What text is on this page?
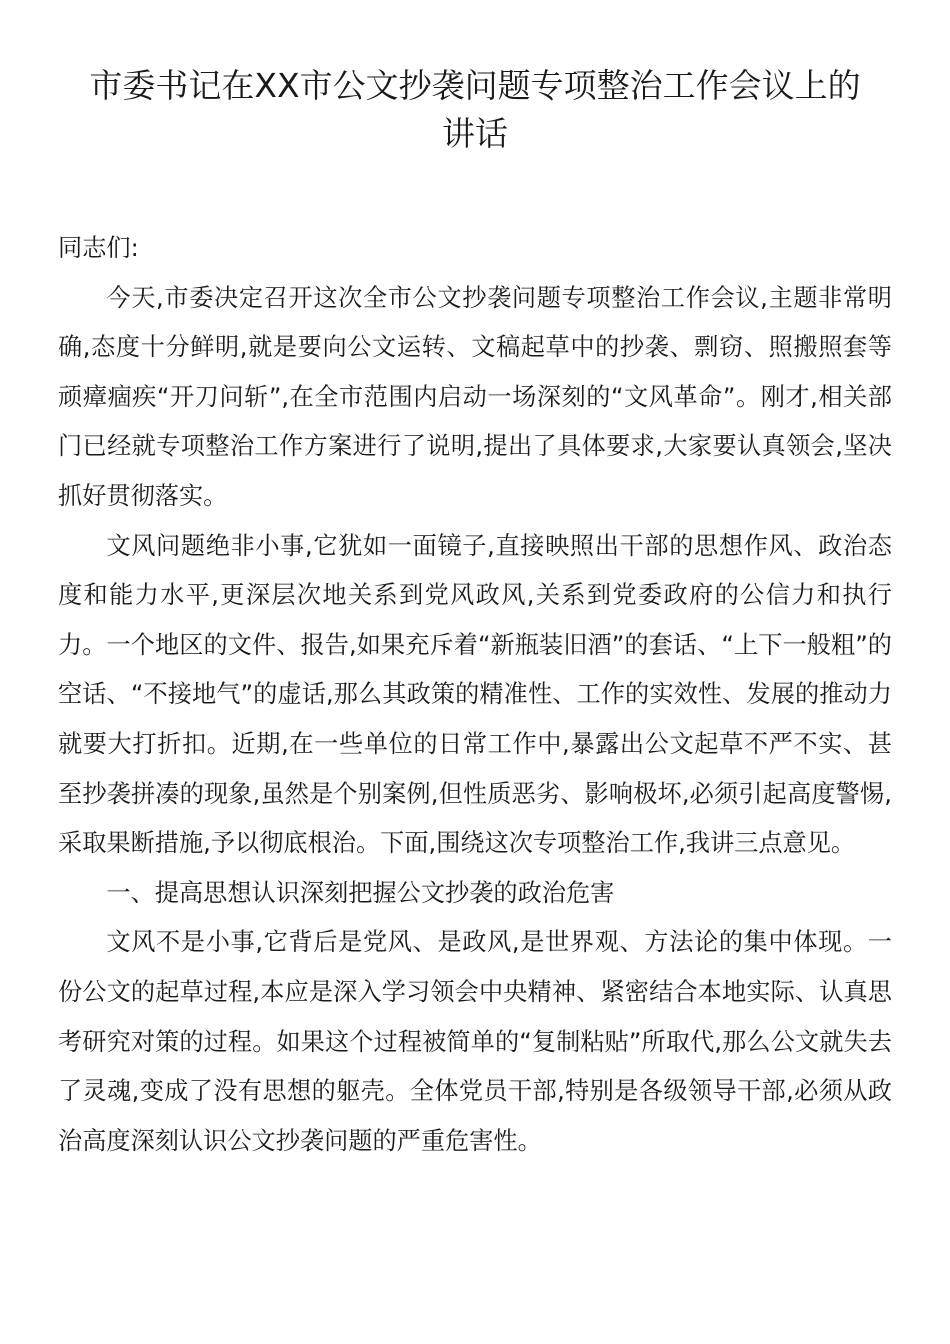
市委书记在XX市公文抄袭问题专项整治工作会议上的
讲话

同志们:

今天,市委决定召开这次全市公文抄袭问题专项整治工作会议,主题非常明确,态度十分鲜明,就是要向公文运转、文稿起草中的抄袭、剽窃、照搬照套等顽瘴痼疾“开刀问斩”,在全市范围内启动一场深刻的“文风革命”。刚才,相关部门已经就专项整治工作方案进行了说明,提出了具体要求,大家要认真领会,坚决抓好贯彻落实。

文风问题绝非小事,它犹如一面镜子,直接映照出干部的思想作风、政治态度和能力水平,更深层次地关系到党风政风,关系到党委政府的公信力和执行力。一个地区的文件、报告,如果充斥着“新瓶装旧酒”的套话、“上下一般粗”的空话、“不接地气”的虚话,那么其政策的精准性、工作的实效性、发展的推动力就要大打折扣。近期,在一些单位的日常工作中,暴露出公文起草不严不实、甚至抄袭拼凑的现象,虽然是个别案例,但性质恶劣、影响极坏,必须引起高度警惕,采取果断措施,予以彻底根治。下面,围绕这次专项整治工作,我讲三点意见。

一、提高思想认识深刻把握公文抄袭的政治危害

文风不是小事,它背后是党风、是政风,是世界观、方法论的集中体现。一份公文的起草过程,本应是深入学习领会中央精神、紧密结合本地实际、认真思考研究对策的过程。如果这个过程被简单的“复制粘贴”所取代,那么公文就失去了灵魂,变成了没有思想的躯壳。全体党员干部,特别是各级领导干部,必须从政治高度深刻认识公文抄袭问题的严重危害性。
